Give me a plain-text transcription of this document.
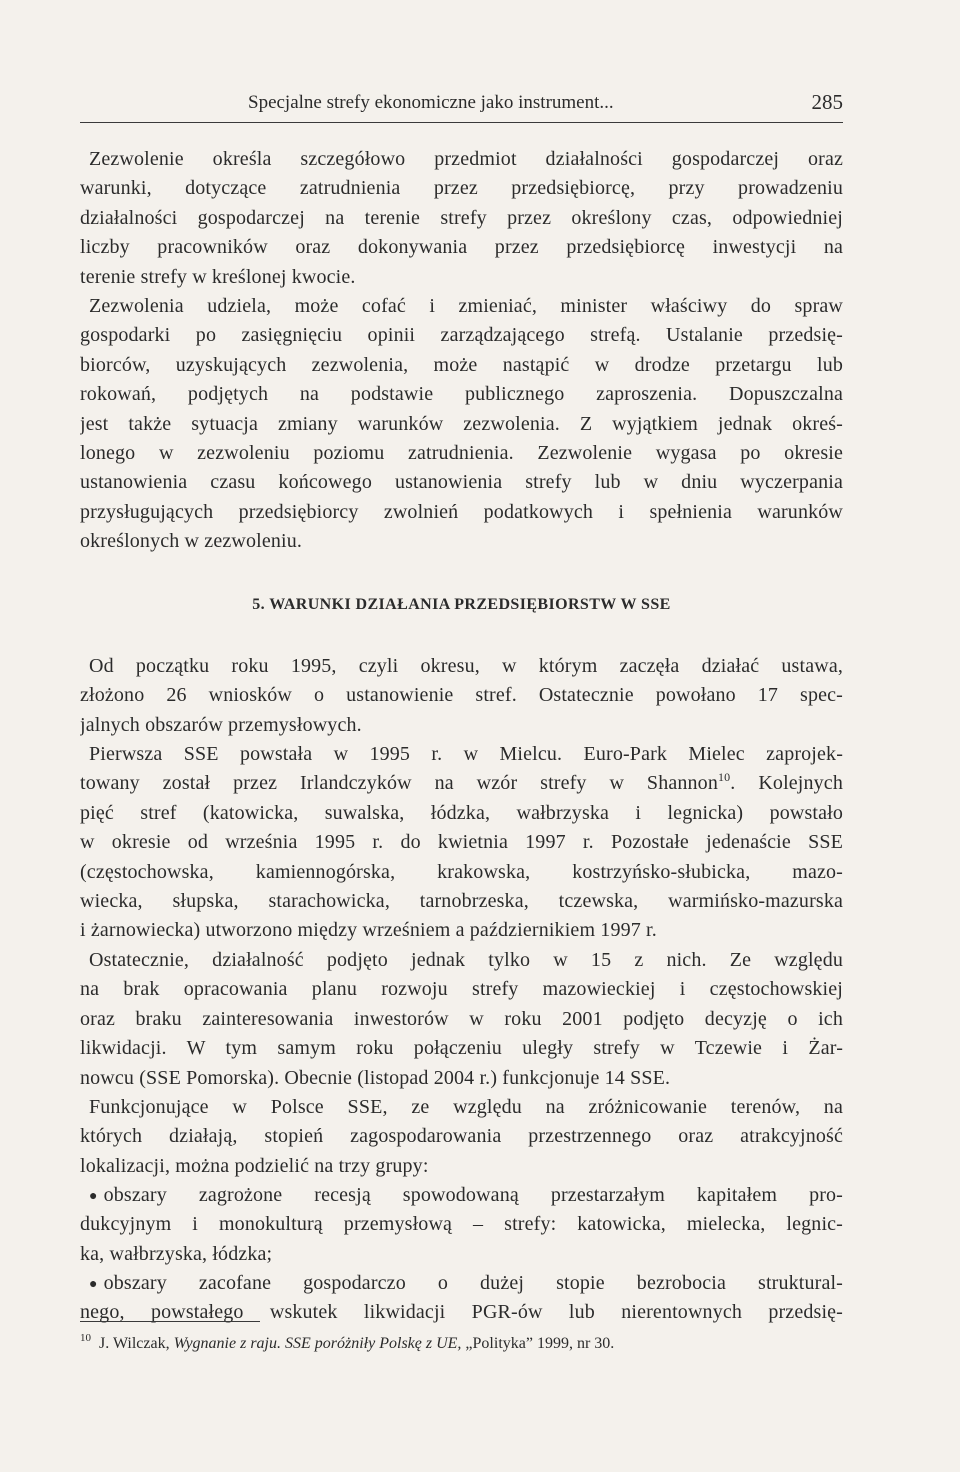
Specjalne strefy ekonomiczne jako instrument...	285
Zezwolenie określa szczegółowo przedmiot działalności gospodarczej oraz
warunki, dotyczące zatrudnienia przez przedsiębiorcę, przy prowadzeniu
działalności gospodarczej na terenie strefy przez określony czas, odpowiedniej
liczby pracowników oraz dokonywania przez przedsiębiorcę inwestycji na
terenie strefy w kreślonej kwocie.
Zezwolenia udziela, może cofać i zmieniać, minister właściwy do spraw
gospodarki po zasięgnięciu opinii zarządzającego strefą. Ustalanie przedsię-
biorców, uzyskujących zezwolenia, może nastąpić w drodze przetargu lub
rokowań, podjętych na podstawie publicznego zaproszenia. Dopuszczalna
jest także sytuacja zmiany warunków zezwolenia. Z wyjątkiem jednak okreś-
lonego w zezwoleniu poziomu zatrudnienia. Zezwolenie wygasa po okresie
ustanowienia czasu końcowego ustanowienia strefy lub w dniu wyczerpania
przysługujących przedsiębiorcy zwolnień podatkowych i spełnienia warunków
określonych w zezwoleniu.
5. WARUNKI DZIAŁANIA PRZEDSIĘBIORSTW W SSE
Od początku roku 1995, czyli okresu, w którym zaczęła działać ustawa,
złożono 26 wniosków o ustanowienie stref. Ostatecznie powołano 17 spec-
jalnych obszarów przemysłowych.
Pierwsza SSE powstała w 1995 r. w Mielcu. Euro-Park Mielec zaprojek-
towany został przez Irlandczyków na wzór strefy w Shannon$^{10}$. Kolejnych
pięć stref (katowicka, suwalska, łódzka, wałbrzyska i legnicka) powstało
w okresie od września 1995 r. do kwietnia 1997 r. Pozostałe jedenaście SSE
(częstochowska, kamiennogórska, krakowska, kostrzyńsko-słubicka, mazo-
wiecka, słupska, starachowicka, tarnobrzeska, tczewska, warmińsko-mazurska
i żarnowiecka) utworzono między wrześniem a październikiem 1997 r.
Ostatecznie, działalność podjęto jednak tylko w 15 z nich. Ze względu
na brak opracowania planu rozwoju strefy mazowieckiej i częstochowskiej
oraz braku zainteresowania inwestorów w roku 2001 podjęto decyzję o ich
likwidacji. W tym samym roku połączeniu uległy strefy w Tczewie i Żar-
nowcu (SSE Pomorska). Obecnie (listopad 2004 r.) funkcjonuje 14 SSE.
Funkcjonujące w Polsce SSE, ze względu na zróżnicowanie terenów, na
których działają, stopień zagospodarowania przestrzennego oraz atrakcyjność
lokalizacji, można podzielić na trzy grupy:
● obszary zagrożone recesją spowodowaną przestarzałym kapitałem pro-
dukcyjnym i monokulturą przemysłową – strefy: katowicka, mielecka, legnic-
ka, wałbrzyska, łódzka;
● obszary zacofane gospodarczo o dużej stopie bezrobocia struktural-
nego, powstałego wskutek likwidacji PGR-ów lub nierentownych przedsię-
$^{10}$ J. Wilczak, Wygnanie z raju. SSE poróżniły Polskę z UE, „Polityka” 1999, nr 30.
